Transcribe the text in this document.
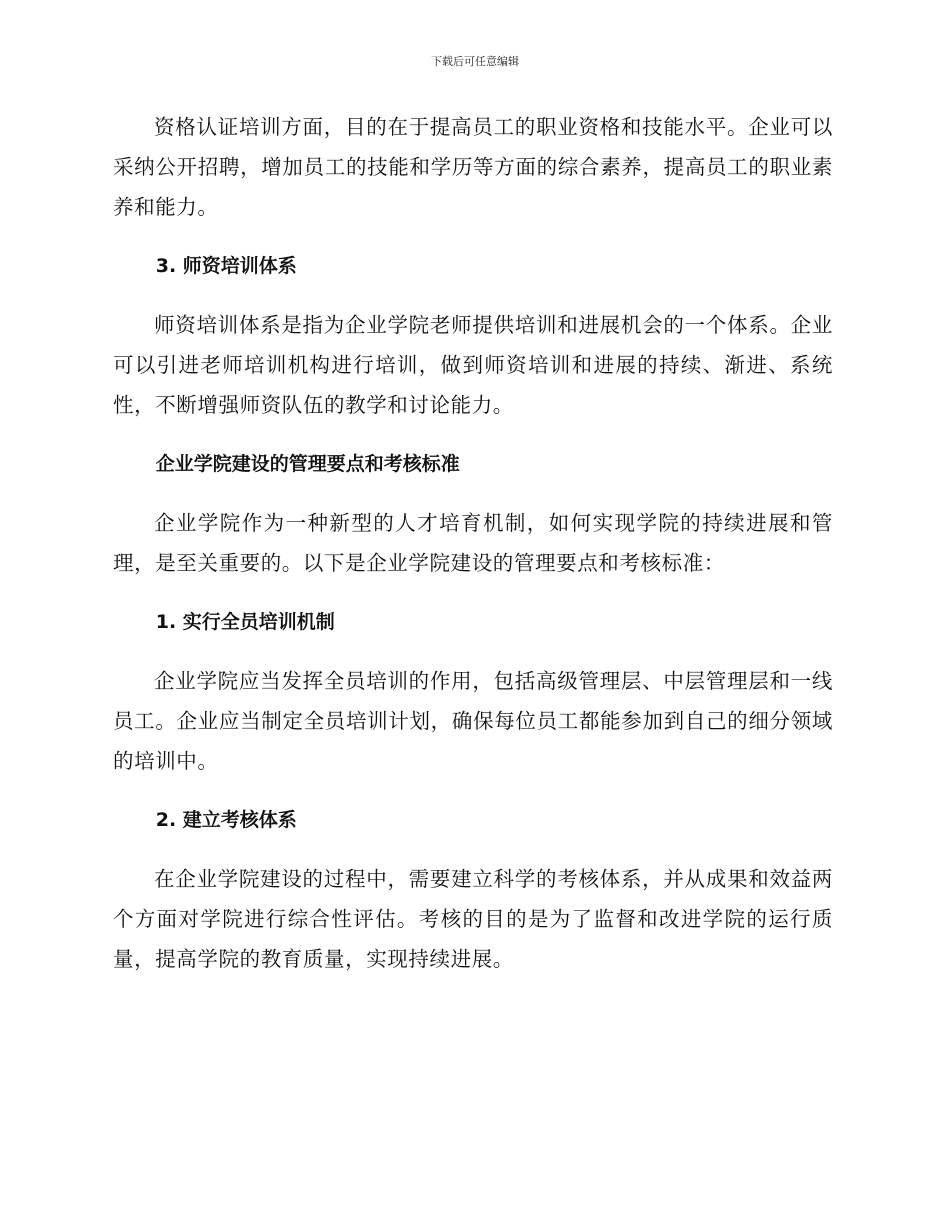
下载后可任意编辑

资格认证培训方面，目的在于提高员工的职业资格和技能水平。企业可以采纳公开招聘，增加员工的技能和学历等方面的综合素养，提高员工的职业素养和能力。

3. 师资培训体系

师资培训体系是指为企业学院老师提供培训和进展机会的一个体系。企业可以引进老师培训机构进行培训，做到师资培训和进展的持续、渐进、系统性，不断增强师资队伍的教学和讨论能力。

企业学院建设的管理要点和考核标准

企业学院作为一种新型的人才培育机制，如何实现学院的持续进展和管理，是至关重要的。以下是企业学院建设的管理要点和考核标准：

1. 实行全员培训机制

企业学院应当发挥全员培训的作用，包括高级管理层、中层管理层和一线员工。企业应当制定全员培训计划，确保每位员工都能参加到自己的细分领域的培训中。

2. 建立考核体系

在企业学院建设的过程中，需要建立科学的考核体系，并从成果和效益两个方面对学院进行综合性评估。考核的目的是为了监督和改进学院的运行质量，提高学院的教育质量，实现持续进展。
